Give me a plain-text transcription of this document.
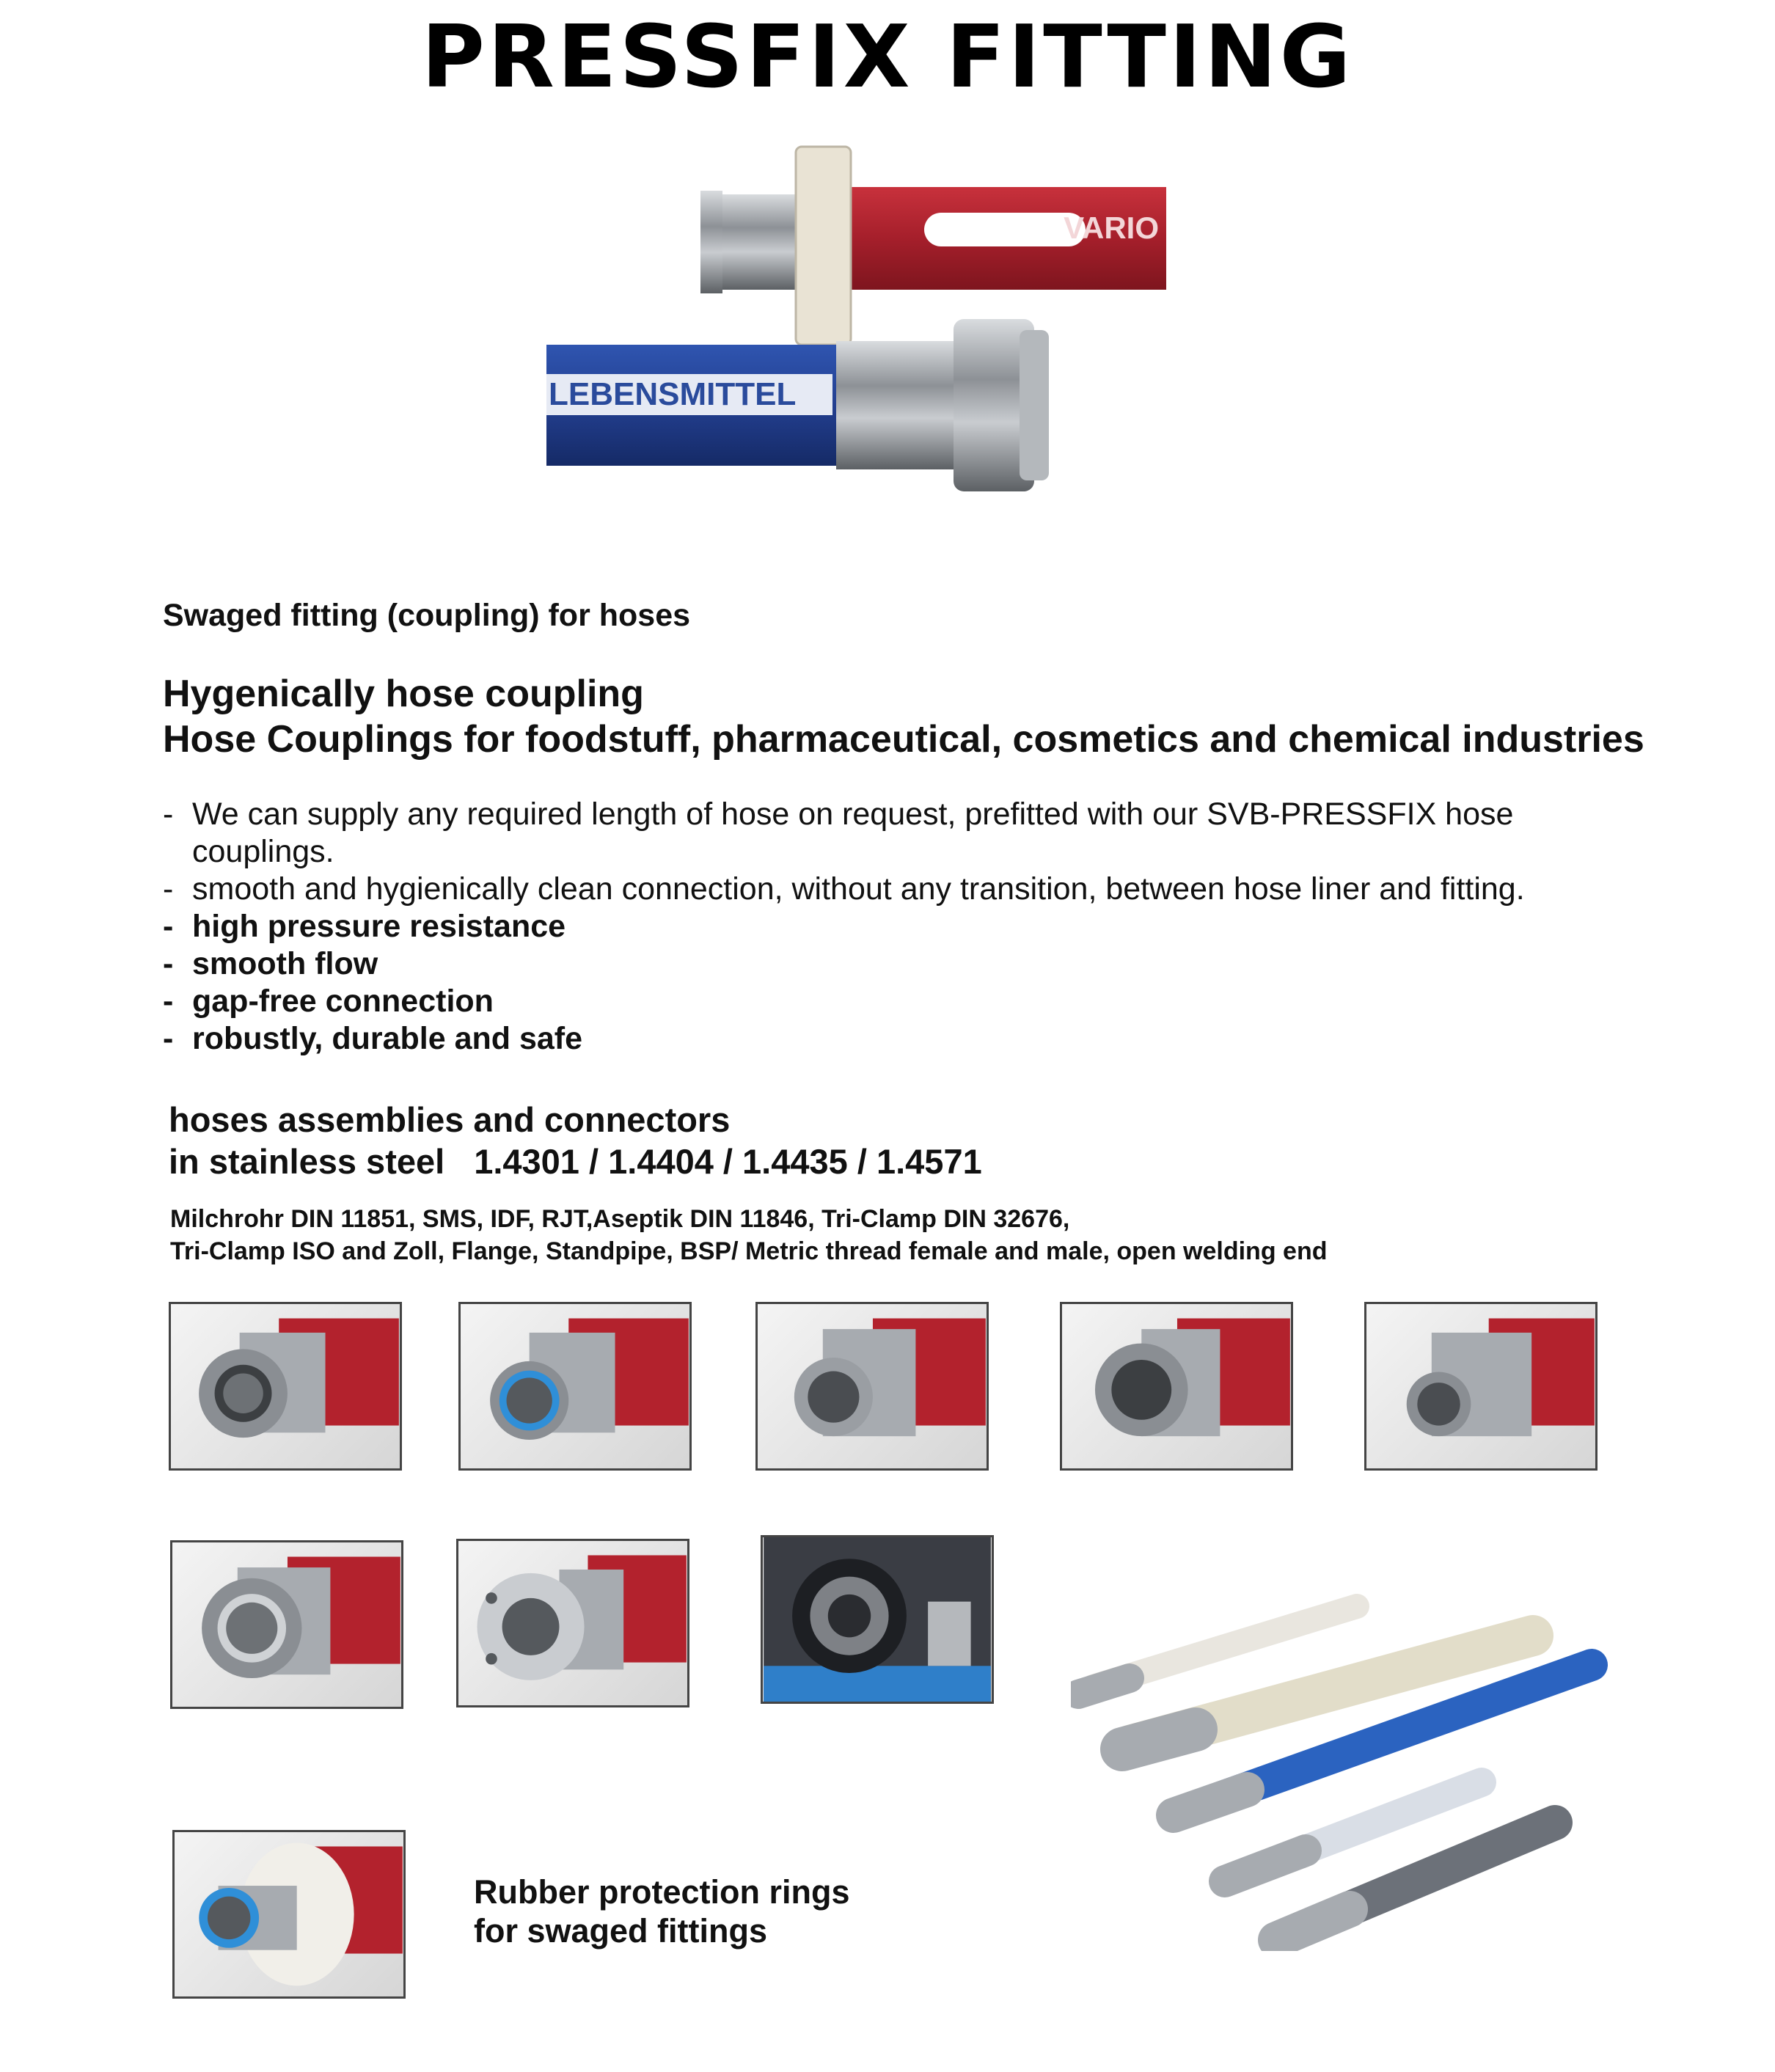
PRESSFIX FITTING
VARIO
LEBENSMITTEL
Swaged fitting (coupling) for hoses
Hygenically hose coupling
Hose Couplings for foodstuff, pharmaceutical, cosmetics and chemical industries
- We can supply any required length of hose on request, prefitted with our SVB-PRESSFIX hose
couplings.
- smooth and hygienically clean connection, without any transition, between hose liner and fitting.
- high pressure resistance
- smooth flow
- gap-free connection
- robustly, durable and safe
hoses assemblies and connectors
in stainless steel 1.4301 / 1.4404 / 1.4435 / 1.4571
Milchrohr DIN 11851, SMS, IDF, RJT,Aseptik DIN 11846, Tri-Clamp DIN 32676,
Tri-Clamp ISO and Zoll, Flange, Standpipe, BSP/ Metric thread female and male, open welding end
Rubber protection rings
for swaged fittings
